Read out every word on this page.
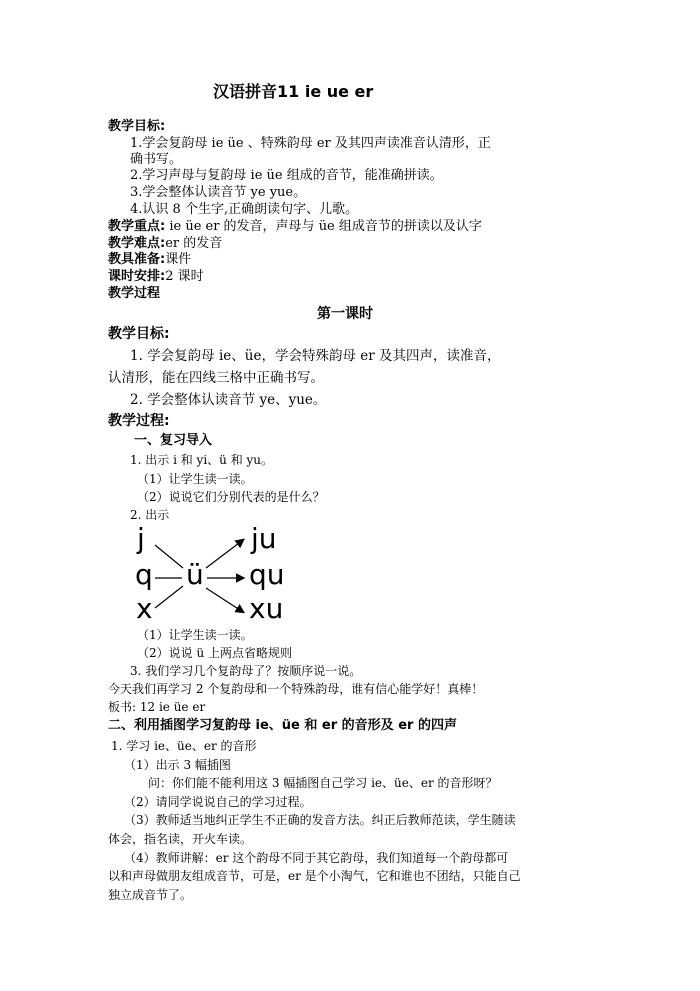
汉语拼音11 ie ue er
教学目标:
1.学会复韵母 ie üe 、特殊韵母 er 及其四声读准音认清形，正
确书写。
2.学习声母与复韵母 ie üe 组成的音节，能准确拼读。
3.学会整体认读音节 ye yue。
4.认识 8 个生字,正确朗读句字、儿歌。
教学重点: ie üe er 的发音，声母与 üe 组成音节的拼读以及认字
教学难点:er 的发音
教具准备:课件
课时安排:2 课时
教学过程
第一课时
教学目标:
1. 学会复韵母 ie、üe，学会特殊韵母 er 及其四声，读准音，
认清形，能在四线三格中正确书写。
2. 学会整体认读音节 ye、yue。
教学过程:
一、复习导入
1. 出示 i 和 yi、ü 和 yu。
（1）让学生读一读。
（2）说说它们分别代表的是什么？
2. 出示
j
q
x
ü
ju
qu
xu
（1）让学生读一读。
（2）说说 ü 上两点省略规则
3. 我们学习几个复韵母了？按顺序说一说。
今天我们再学习 2 个复韵母和一个特殊韵母，谁有信心能学好！真棒！
板书: 12 ie üe er
二、利用插图学习复韵母 ie、üe 和 er 的音形及 er 的四声
1. 学习 ie、üe、er 的音形
（1）出示 3 幅插图
问：你们能不能利用这 3 幅插图自己学习 ie、üe、er 的音形呀？
（2）请同学说说自己的学习过程。
（3）教师适当地纠正学生不正确的发音方法。纠正后教师范读，学生随读
体会，指名读，开火车读。
（4）教师讲解：er 这个韵母不同于其它韵母，我们知道每一个韵母都可
以和声母做朋友组成音节，可是，er 是个小淘气，它和谁也不团结，只能自己
独立成音节了。
